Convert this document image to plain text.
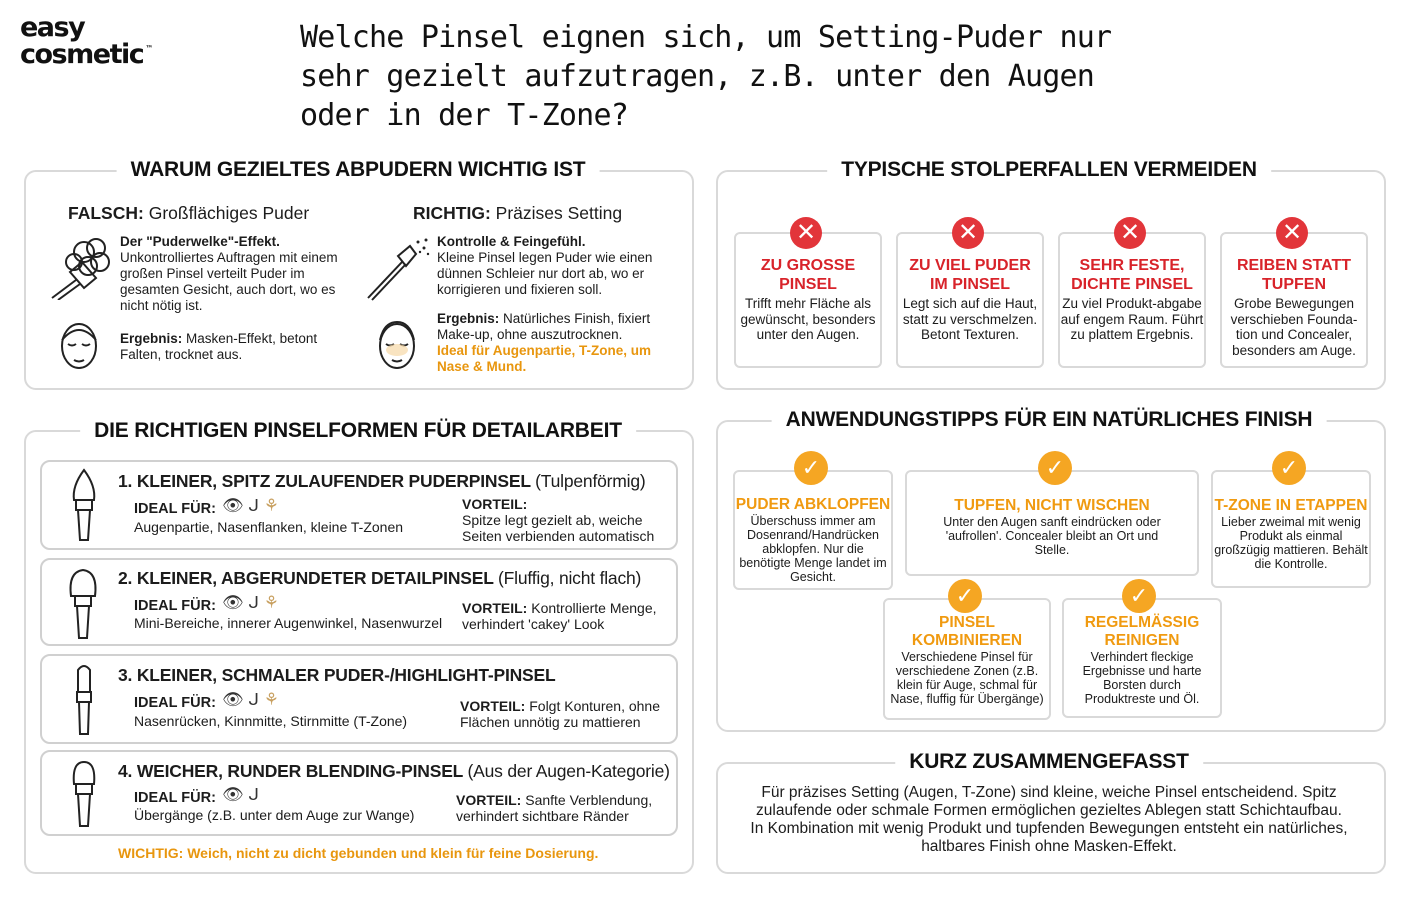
easy
cosmetic ™	Welche Pinsel eignen sich, um Setting-Puder nur sehr gezielt aufzutragen, z.B. unter den Augen oder in der T-Zone?
WARUM GEZIELTES ABPUDERN WICHTIG IST
FALSCH: Großflächiges Puder
Der "Puderwelke"-Effekt.
Unkontrolliertes Auftragen mit einem großen Pinsel verteilt Puder im gesamten Gesicht, auch dort, wo es nicht nötig ist.
Ergebnis: Masken-Effekt, betont Falten, trocknet aus.
RICHTIG: Präzises Setting
Kontrolle & Feingefühl.
Kleine Pinsel legen Puder wie einen dünnen Schleier nur dort ab, wo er korrigieren und fixieren soll.
Ergebnis: Natürliches Finish, fixiert Make-up, ohne auszutrocknen.
Ideal für Augenpartie, T-Zone, um Nase & Mund.
TYPISCHE STOLPERFALLEN VERMEIDEN
ZU GROSSE
PINSEL
Trifft mehr Fläche als gewünscht, besonders unter den Augen.
✕
ZU VIEL PUDER
IM PINSEL
Legt sich auf die Haut, statt zu verschmelzen. Betont Texturen.
✕
SEHR FESTE,
DICHTE PINSEL
Zu viel Produkt-abgabe auf engem Raum. Führt zu plattem Ergebnis.
✕
REIBEN STATT
TUPFEN
Grobe Bewegungen verschieben Founda-tion und Concealer, besonders am Auge.
✕
DIE RICHTIGEN PINSELFORMEN FÜR DETAILARBEIT
1. KLEINER, SPITZ ZULAUFENDER PUDERPINSEL (Tulpenförmig)
IDEAL FÜR: 👁 ᒍ ⚘
Augenpartie, Nasenflanken, kleine T-Zonen
VORTEIL:
Spitze legt gezielt ab, weiche Seiten verbienden automatisch
2. KLEINER, ABGERUNDETER DETAILPINSEL (Fluffig, nicht flach)
IDEAL FÜR: 👁 ᒍ ⚘
Mini-Bereiche, innerer Augenwinkel, Nasenwurzel
VORTEIL: Kontrollierte Menge, verhindert 'cakey' Look
3. KLEINER, SCHMALER PUDER-/HIGHLIGHT-PINSEL
IDEAL FÜR: 👁 ᒍ ⚘
Nasenrücken, Kinnmitte, Stirnmitte (T-Zone)
VORTEIL: Folgt Konturen, ohne Flächen unnötig zu mattieren
4. WEICHER, RUNDER BLENDING-PINSEL (Aus der Augen-Kategorie)
IDEAL FÜR: 👁 ᒍ
Übergänge (z.B. unter dem Auge zur Wange)
VORTEIL: Sanfte Verblendung, verhindert sichtbare Ränder
WICHTIG: Weich, nicht zu dicht gebunden und klein für feine Dosierung.
ANWENDUNGSTIPPS FÜR EIN NATÜRLICHES FINISH
PUDER ABKLOPFEN
Überschuss immer am Dosenrand/Handrücken abklopfen. Nur die benötigte Menge landet im Gesicht.
✓
TUPFEN, NICHT WISCHEN
Unter den Augen sanft eindrücken oder 'aufrollen'. Concealer bleibt an Ort und Stelle.
✓
T-ZONE IN ETAPPEN
Lieber zweimal mit wenig Produkt als einmal großzügig mattieren. Behält die Kontrolle.
✓
PINSEL KOMBINIEREN
Verschiedene Pinsel für verschiedene Zonen (z.B. klein für Auge, schmal für Nase, fluffig für Übergänge)
✓
REGELMÄSSIG REINIGEN
Verhindert fleckige Ergebnisse und harte Borsten durch Produktreste und Öl.
✓
KURZ ZUSAMMENGEFASST
Für präzises Setting (Augen, T-Zone) sind kleine, weiche Pinsel entscheidend. Spitz zulaufende oder schmale Formen ermöglichen gezieltes Ablegen statt Schichtaufbau. In Kombination mit wenig Produkt und tupfenden Bewegungen entsteht ein natürliches, haltbares Finish ohne Masken-Effekt.
